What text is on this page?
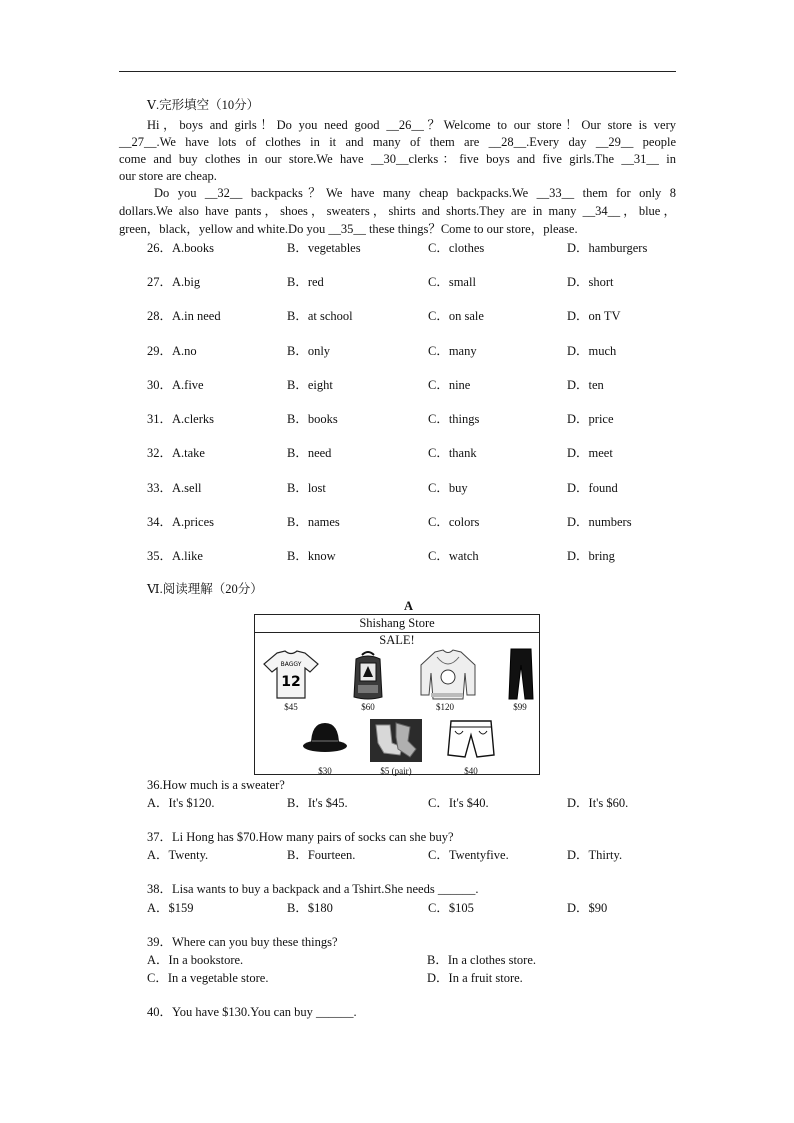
Ⅴ.完形填空（10分）
Hi，boys and girls！Do you need good __26__？Welcome to our store！Our store is very
__27__.We have lots of clothes in it and many of them are __28__.Every day __29__ people
come and buy clothes in our store.We have __30__clerks：five boys and five girls.The __31__ in
our store are cheap.
Do you __32__ backpacks？We have many cheap backpacks.We __33__ them for only 8
dollars.We also have pants，shoes，sweaters，shirts and shorts.They are in many __34__，blue，
green，black，yellow and white.Do you __35__ these things？Come to our store，please.
26．A.books	B．vegetables	C．clothes	D．hamburgers
27．A.big	B．red	C．small	D．short
28．A.in need	B．at school	C．on sale	D．on TV
29．A.no	B．only	C．many	D．much
30．A.five	B．eight	C．nine	D．ten
31．A.clerks	B．books	C．things	D．price
32．A.take	B．need	C．thank	D．meet
33．A.sell	B．lost	C．buy	D．found
34．A.prices	B．names	C．colors	D．numbers
35．A.like	B．know	C．watch	D．bring
Ⅵ.阅读理解（20分）
A
Shishang Store
SALE!
BAGGY
12
$45	$60	$120	$99
$30	$5 (pair)	$40
36.How much is a sweater?
A．It's $120.	B．It's $45.	C．It's $40.	D．It's $60.
37．Li Hong has $70.How many pairs of socks can she buy?
A．Twenty.	B．Fourteen.	C．Twentyfive.	D．Thirty.
38．Lisa wants to buy a backpack and a Tshirt.She needs ______.
A．$159	B．$180	C．$105	D．$90
39．Where can you buy these things?
A．In a bookstore.	B．In a clothes store.
C．In a vegetable store.	D．In a fruit store.
40．You have $130.You can buy ______.
